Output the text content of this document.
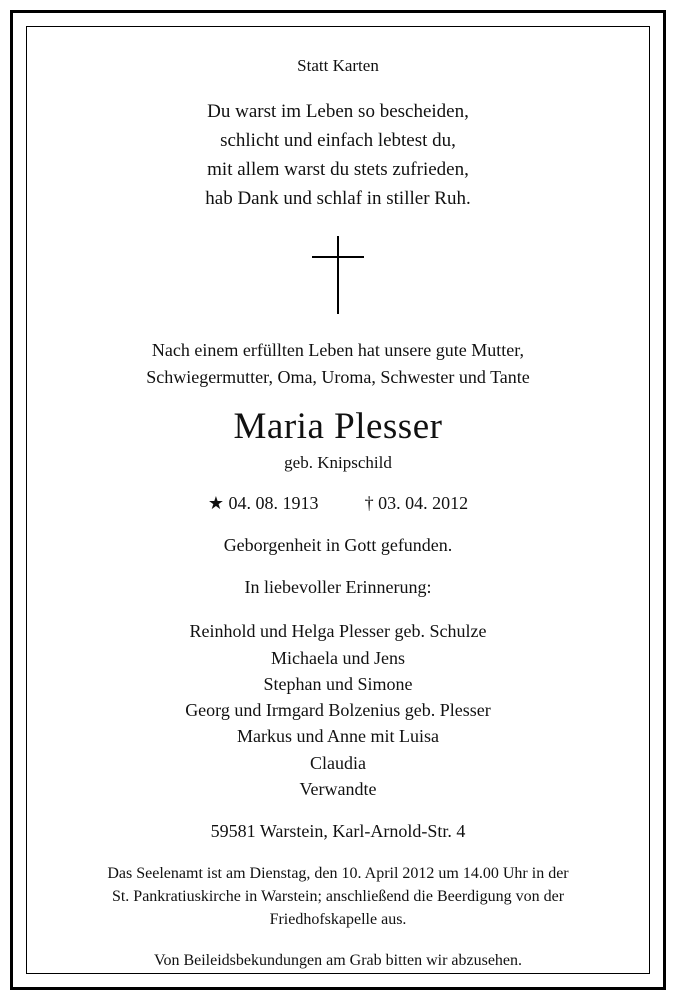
Statt Karten
Du warst im Leben so bescheiden,
schlicht und einfach lebtest du,
mit allem warst du stets zufrieden,
hab Dank und schlaf in stiller Ruh.
Nach einem erfüllten Leben hat unsere gute Mutter,
Schwiegermutter, Oma, Uroma, Schwester und Tante
Maria Plesser
geb. Knipschild
★ 04. 08. 1913	† 03. 04. 2012
Geborgenheit in Gott gefunden.
In liebevoller Erinnerung:
Reinhold und Helga Plesser geb. Schulze
Michaela und Jens
Stephan und Simone
Georg und Irmgard Bolzenius geb. Plesser
Markus und Anne mit Luisa
Claudia
Verwandte
59581 Warstein, Karl-Arnold-Str. 4
Das Seelenamt ist am Dienstag, den 10. April 2012 um 14.00 Uhr in der
St. Pankratiuskirche in Warstein; anschließend die Beerdigung von der
Friedhofskapelle aus.
Von Beileidsbekundungen am Grab bitten wir abzusehen.
